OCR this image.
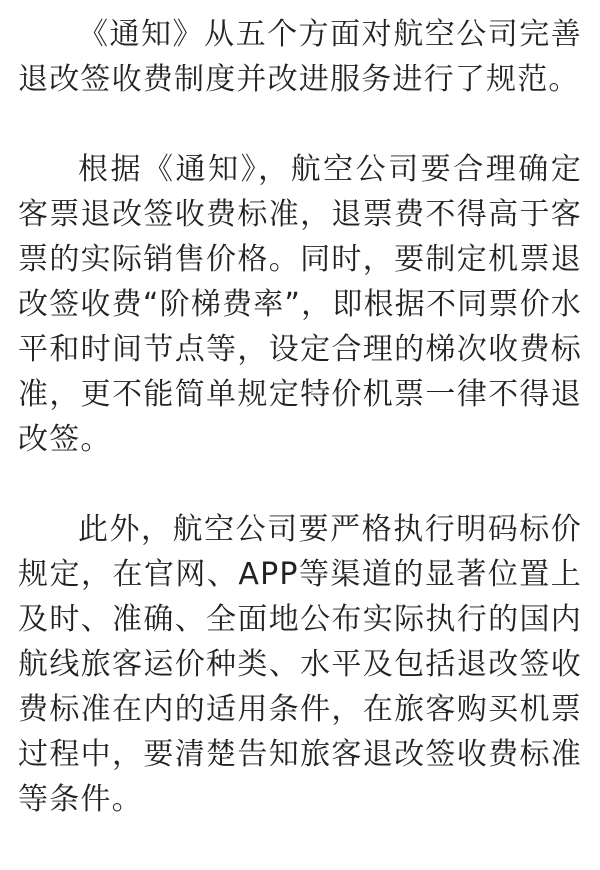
《通知》从五个方面对航空公司完善退改签收费制度并改进服务进行了规范。

根据《通知》，航空公司要合理确定客票退改签收费标准，退票费不得高于客票的实际销售价格。同时，要制定机票退改签收费“阶梯费率”，即根据不同票价水平和时间节点等，设定合理的梯次收费标准，更不能简单规定特价机票一律不得退改签。

此外，航空公司要严格执行明码标价规定，在官网、APP等渠道的显著位置上及时、准确、全面地公布实际执行的国内航线旅客运价种类、水平及包括退改签收费标准在内的适用条件，在旅客购买机票过程中，要清楚告知旅客退改签收费标准等条件。
